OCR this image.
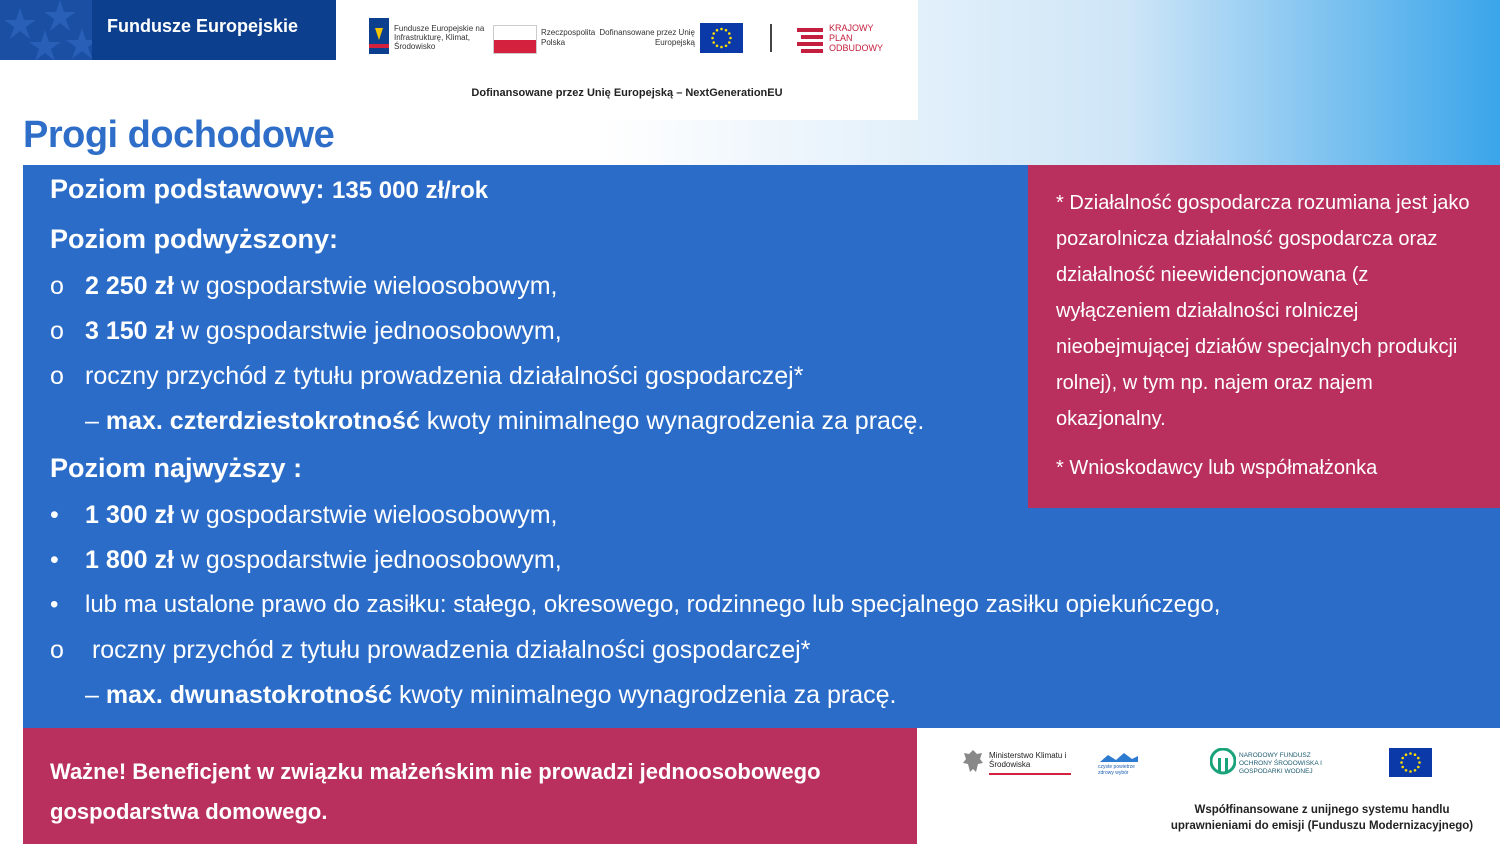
Fundusze Europejskie	Fundusze Europejskie na Infrastrukturę, Klimat, Środowisko
Rzeczpospolita Polska
Dofinansowane przez Unię Europejską
KRAJOWY PLAN ODBUDOWY
Dofinansowane przez Unię Europejską – NextGenerationEU
Progi dochodowe
Poziom podstawowy: 135 000 zł/rok
Poziom podwyższony:
o 2 250 zł w gospodarstwie wieloosobowym,
o 3 150 zł w gospodarstwie jednoosobowym,
o roczny przychód z tytułu prowadzenia działalności gospodarczej*
– max. czterdziestokrotność kwoty minimalnego wynagrodzenia za pracę.
Poziom najwyższy :
• 1 300 zł w gospodarstwie wieloosobowym,
• 1 800 zł w gospodarstwie jednoosobowym,
• lub ma ustalone prawo do zasiłku: stałego, okresowego, rodzinnego lub specjalnego zasiłku opiekuńczego,
o roczny przychód z tytułu prowadzenia działalności gospodarczej*
– max. dwunastokrotność kwoty minimalnego wynagrodzenia za pracę.
* Działalność gospodarcza rozumiana jest jako pozarolnicza działalność gospodarcza oraz działalność nieewidencjonowana (z wyłączeniem działalności rolniczej nieobejmującej działów specjalnych produkcji rolnej), w tym np. najem oraz najem okazjonalny.
* Wnioskodawcy lub współmałżonka
Ważne! Beneficjent w związku małżeńskim nie prowadzi jednoosobowego gospodarstwa domowego.
Ministerstwo Klimatu i Środowiska	czyste powietrze zdrowy wybór
NARODOWY FUNDUSZ OCHRONY ŚRODOWISKA I GOSPODARKI WODNEJ
Współfinansowane z unijnego systemu handlu uprawnieniami do emisji (Funduszu Modernizacyjnego)
